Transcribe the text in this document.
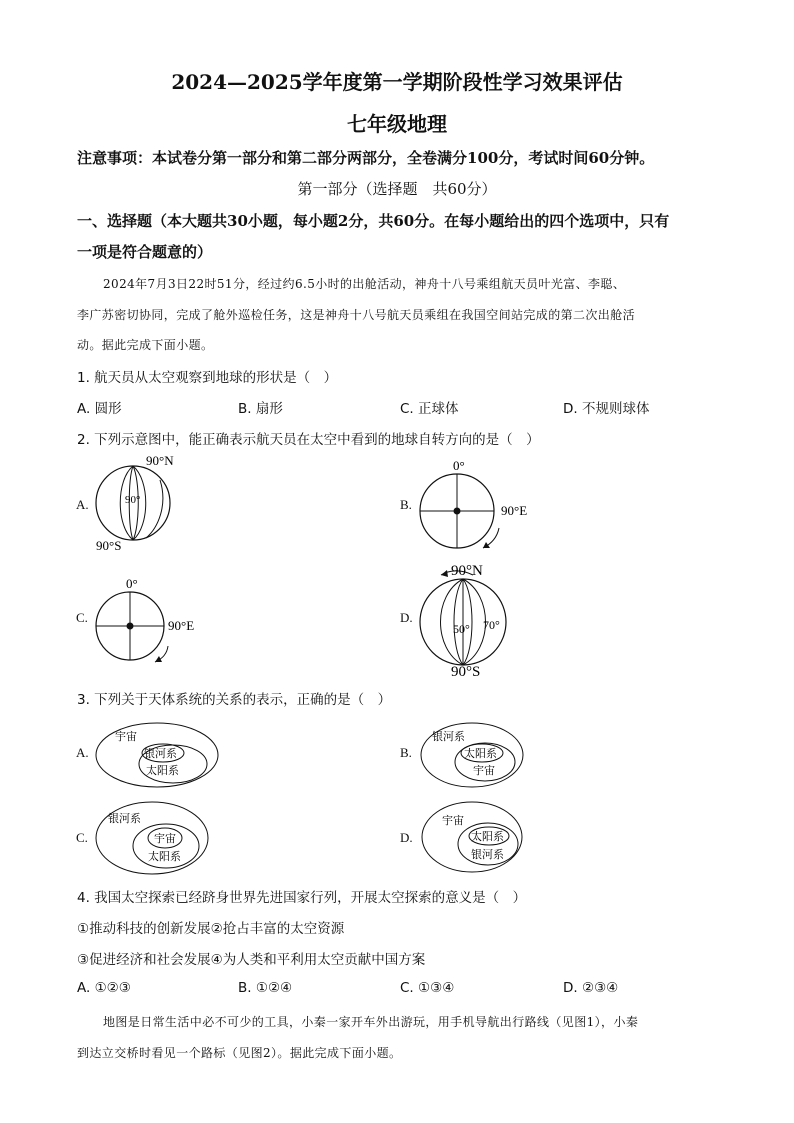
2024—2025学年度第一学期阶段性学习效果评估
七年级地理
注意事项：本试卷分第一部分和第二部分两部分，全卷满分100分，考试时间60分钟。
第一部分（选择题　共60分）
一、选择题（本大题共30小题，每小题2分，共60分。在每小题给出的四个选项中，只有
一项是符合题意的）
2024年7月3日22时51分，经过约6.5小时的出舱活动，神舟十八号乘组航天员叶光富、李聪、
李广苏密切协同，完成了舱外巡检任务，这是神舟十八号航天员乘组在我国空间站完成的第二次出舱活
动。据此完成下面小题。
1. 航天员从太空观察到地球的形状是（　）
A. 圆形	B. 扇形	C. 正球体	D. 不规则球体
2. 下列示意图中，能正确表示航天员在太空中看到的地球自转方向的是（　）
A.
90°N
90°S
90°	B.
0°
90°E
C.
0°
90°E
D.
90°N
90°S
50° 70°
3. 下列关于天体系统的关系的表示，正确的是（　）
A.
宇宙
银河系
太阳系
B.
银河系
太阳系
宇宙
C.
银河系
宇宙
太阳系
D.
宇宙
太阳系
银河系
4. 我国太空探索已经跻身世界先进国家行列，开展太空探索的意义是（　）
①推动科技的创新发展②抢占丰富的太空资源
③促进经济和社会发展④为人类和平利用太空贡献中国方案
A. ①②③	B. ①②④	C. ①③④	D. ②③④
地图是日常生活中必不可少的工具，小秦一家开车外出游玩，用手机导航出行路线（见图1），小秦
到达立交桥时看见一个路标（见图2）。据此完成下面小题。
